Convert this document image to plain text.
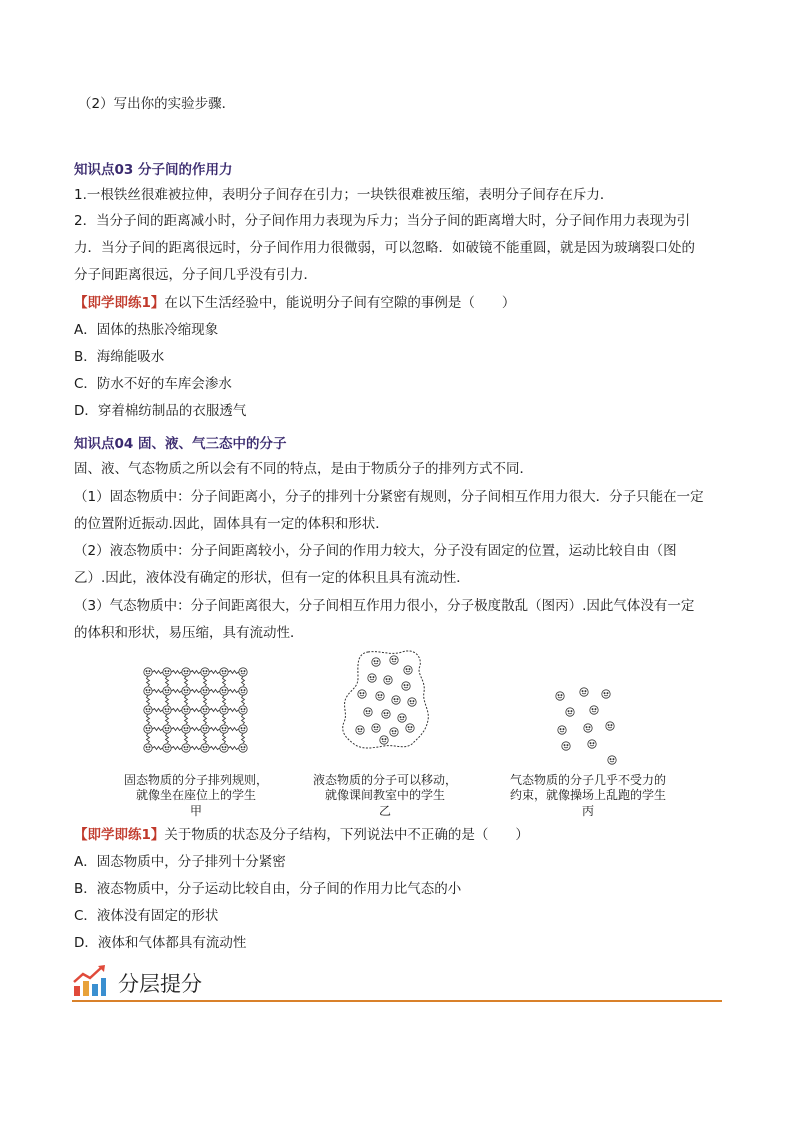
（2）写出你的实验步骤．
知识点03 分子间的作用力
1.一根铁丝很难被拉伸，表明分子间存在引力；一块铁很难被压缩，表明分子间存在斥力．
2．当分子间的距离减小时，分子间作用力表现为斥力；当分子间的距离增大时，分子间作用力表现为引
力．当分子间的距离很远时，分子间作用力很微弱，可以忽略．如破镜不能重圆，就是因为玻璃裂口处的
分子间距离很远，分子间几乎没有引力．
【即学即练1】在以下生活经验中，能说明分子间有空隙的事例是（　　）
A．固体的热胀冷缩现象
B．海绵能吸水
C．防水不好的车库会渗水
D．穿着棉纺制品的衣服透气
知识点04 固、液、气三态中的分子
固、液、气态物质之所以会有不同的特点，是由于物质分子的排列方式不同．
（1）固态物质中：分子间距离小，分子的排列十分紧密有规则，分子间相互作用力很大．分子只能在一定
的位置附近振动.因此，固体具有一定的体积和形状．
（2）液态物质中：分子间距离较小，分子间的作用力较大，分子没有固定的位置，运动比较自由（图
乙）.因此，液体没有确定的形状，但有一定的体积且具有流动性．
（3）气态物质中：分子间距离很大，分子间相互作用力很小，分子极度散乱（图丙）.因此气体没有一定
的体积和形状，易压缩，具有流动性．
固态物质的分子排列规则，
就像坐在座位上的学生
甲
液态物质的分子可以移动，
就像课间教室中的学生
乙
气态物质的分子几乎不受力的
约束，就像操场上乱跑的学生
丙
【即学即练1】关于物质的状态及分子结构，下列说法中不正确的是（　　）
A．固态物质中，分子排列十分紧密
B．液态物质中，分子运动比较自由，分子间的作用力比气态的小
C．液体没有固定的形状
D．液体和气体都具有流动性
分层提分
